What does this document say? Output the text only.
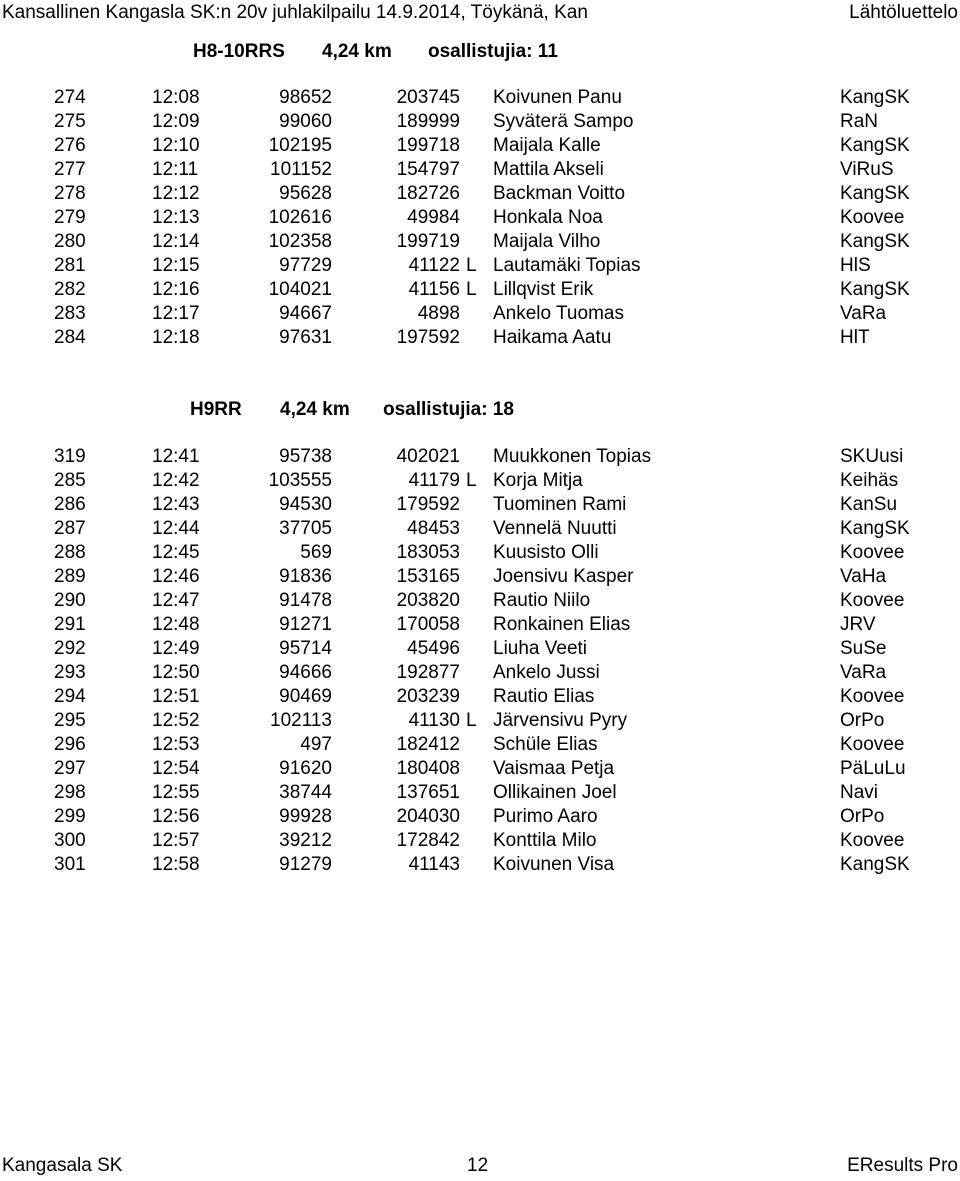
Kansallinen Kangasla SK:n 20v juhlakilpailu 14.9.2014, Töykänä, Kan	Lähtöluettelo
H8-10RRS 4,24 km osallistujia: 11
274	12:08	98652	203745 Koivunen Panu	KangSK
275	12:09	99060	189999 Syväterä Sampo	RaN
276	12:10	102195	199718 Maijala Kalle	KangSK
277	12:11	101152	154797 Mattila Akseli	ViRuS
278	12:12	95628	182726 Backman Voitto	KangSK
279	12:13	102616	49984 Honkala Noa	Koovee
280	12:14	102358	199719 Maijala Vilho	KangSK
281	12:15	97729	41122 L Lautamäki Topias	HlS
282	12:16	104021	41156 L Lillqvist Erik	KangSK
283	12:17	94667	4898 Ankelo Tuomas	VaRa
284	12:18	97631	197592 Haikama Aatu	HlT
H9RR 4,24 km osallistujia: 18
319	12:41	95738	402021 Muukkonen Topias	SKUusi
285	12:42	103555	41179 L Korja Mitja	Keihäs
286	12:43	94530	179592 Tuominen Rami	KanSu
287	12:44	37705	48453 Vennelä Nuutti	KangSK
288	12:45	569	183053 Kuusisto Olli	Koovee
289	12:46	91836	153165 Joensivu Kasper	VaHa
290	12:47	91478	203820 Rautio Niilo	Koovee
291	12:48	91271	170058 Ronkainen Elias	JRV
292	12:49	95714	45496 Liuha Veeti	SuSe
293	12:50	94666	192877 Ankelo Jussi	VaRa
294	12:51	90469	203239 Rautio Elias	Koovee
295	12:52	102113	41130 L Järvensivu Pyry	OrPo
296	12:53	497	182412 Schüle Elias	Koovee
297	12:54	91620	180408 Vaismaa Petja	PäLuLu
298	12:55	38744	137651 Ollikainen Joel	Navi
299	12:56	99928	204030 Purimo Aaro	OrPo
300	12:57	39212	172842 Konttila Milo	Koovee
301	12:58	91279	41143 Koivunen Visa	KangSK
Kangasala SK	12	EResults Pro
